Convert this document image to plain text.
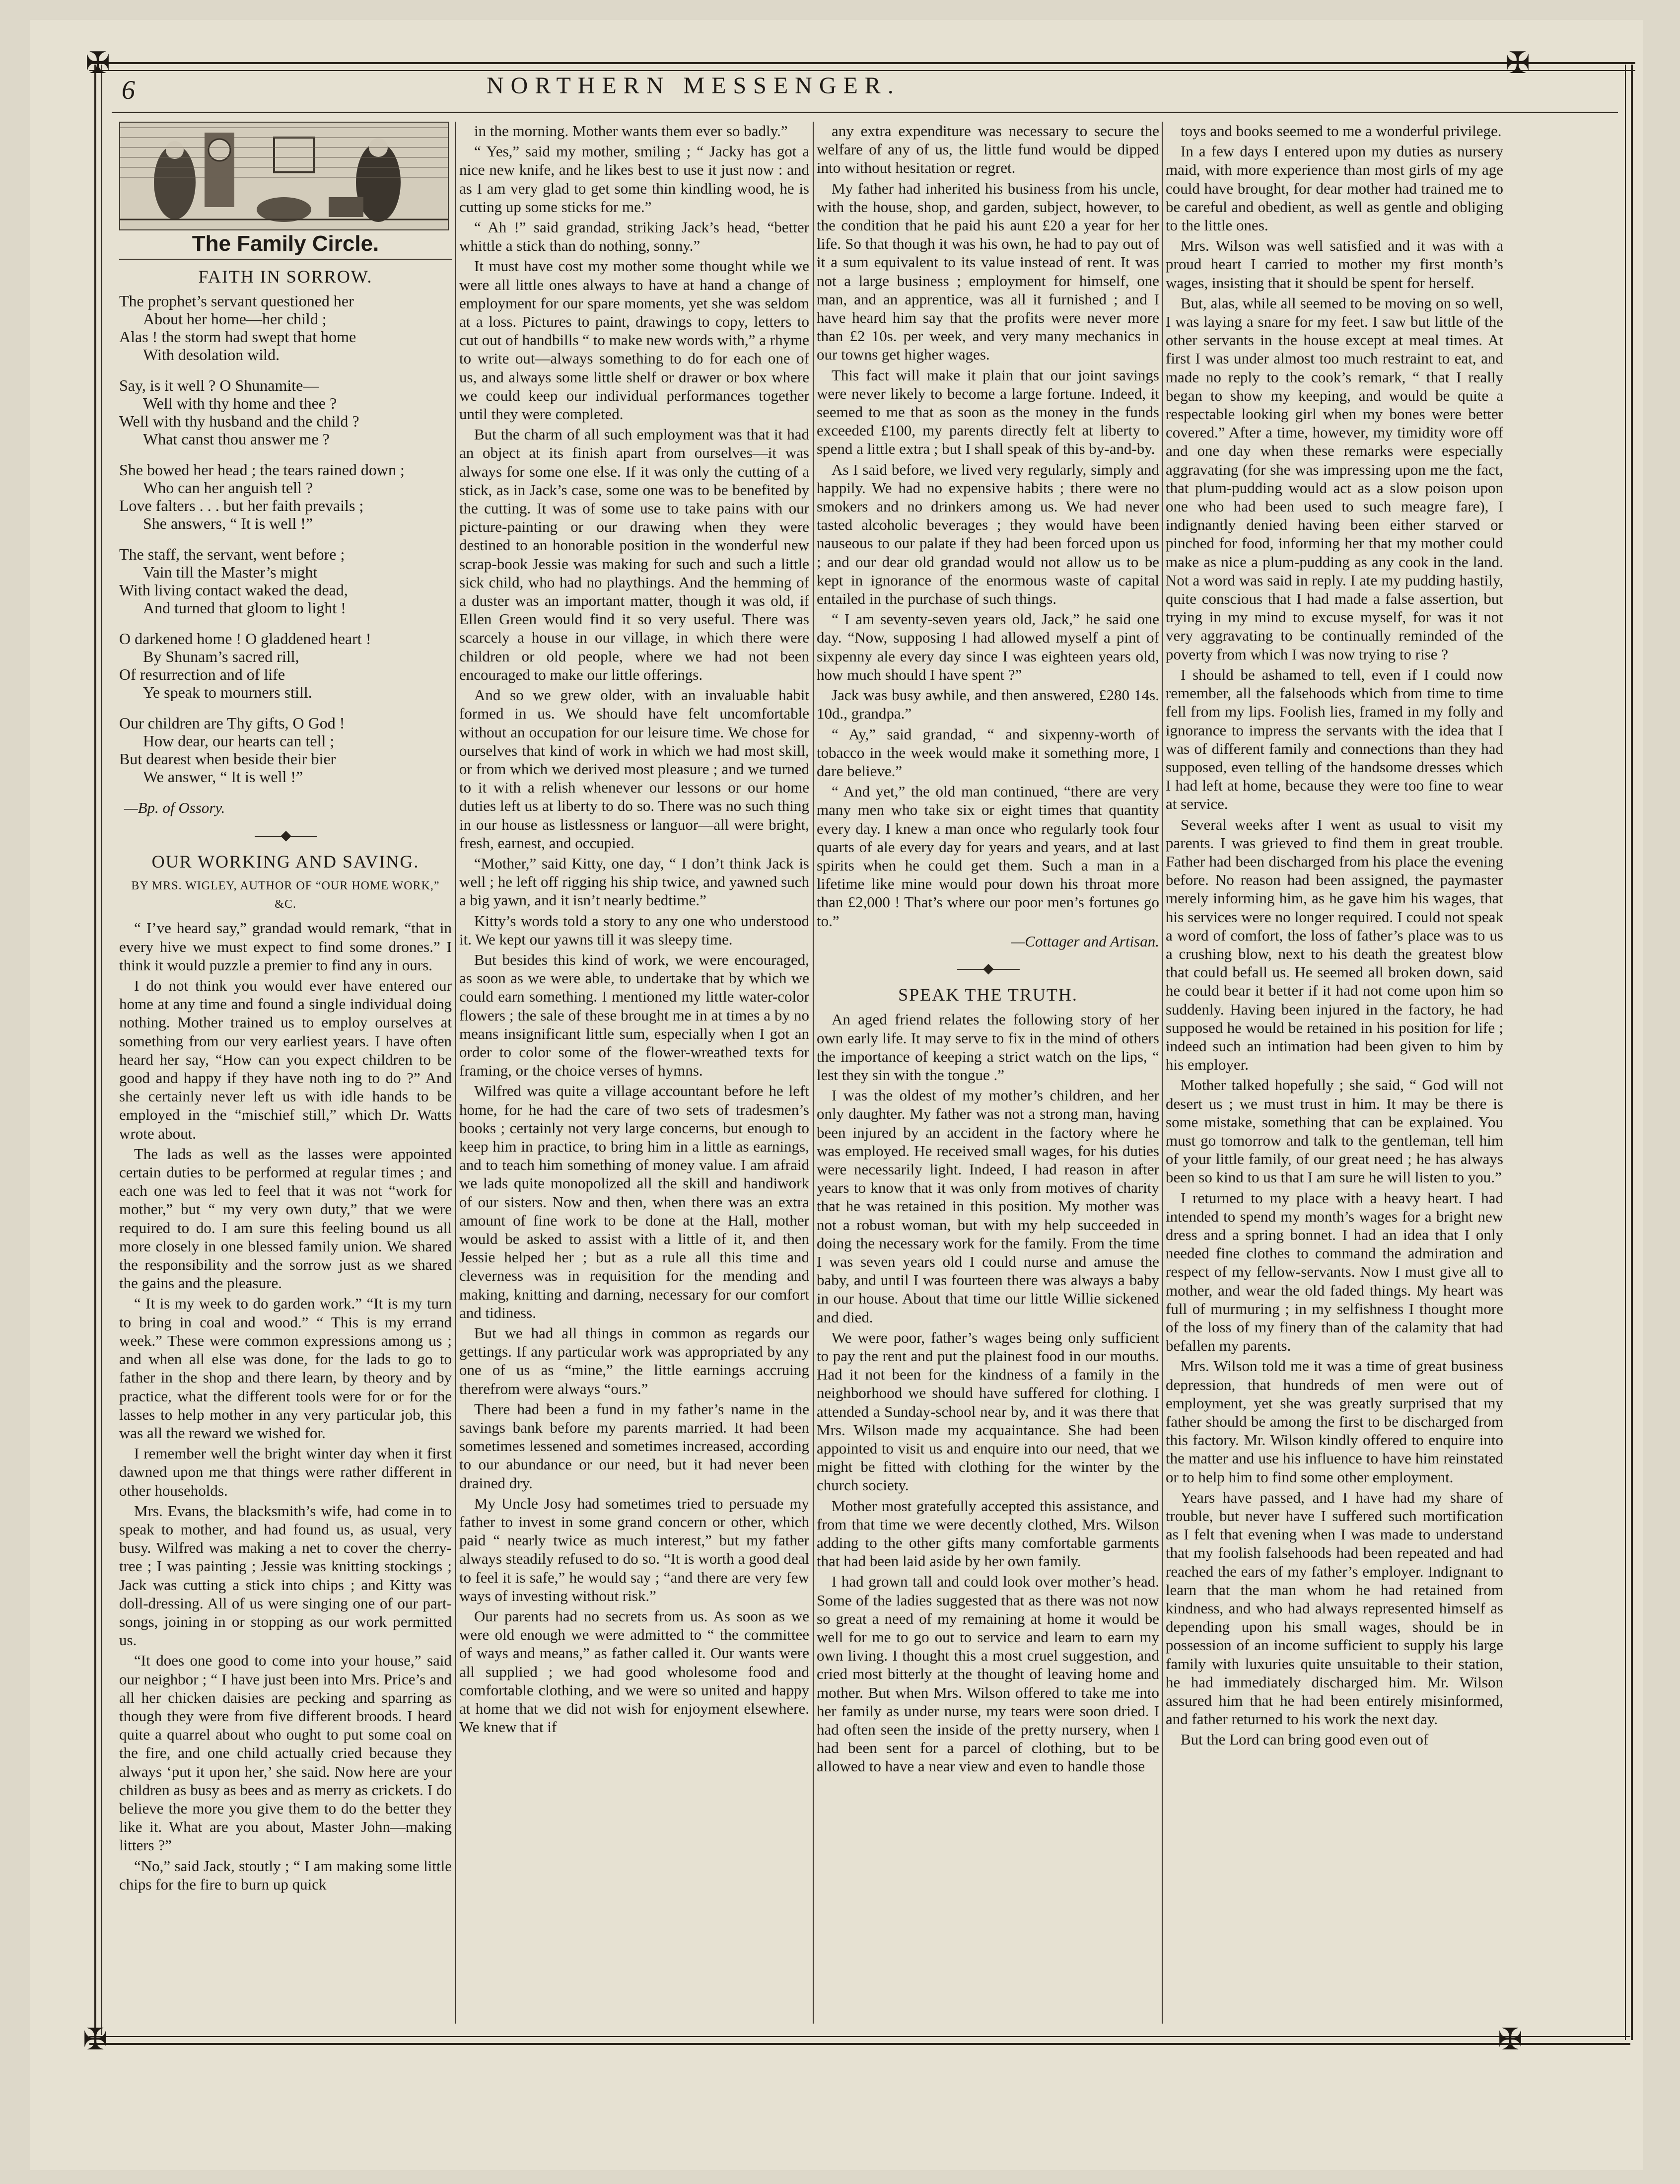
✠	✠
✠	✠
6	NORTHERN MESSENGER.
The Family Circle.
FAITH IN SORROW.
The prophet’s servant questioned her
About her home—her child ;
Alas ! the storm had swept that home
With desolation wild.
Say, is it well ? O Shunamite—
Well with thy home and thee ?
Well with thy husband and the child ?
What canst thou answer me ?
She bowed her head ; the tears rained down ;
Who can her anguish tell ?
Love falters . . . but her faith prevails ;
She answers, “ It is well !”
The staff, the servant, went before ;
Vain till the Master’s might
With living contact waked the dead,
And turned that gloom to light !
O darkened home ! O gladdened heart !
By Shunam’s sacred rill,
Of resurrection and of life
Ye speak to mourners still.
Our children are Thy gifts, O God !
How dear, our hearts can tell ;
But dearest when beside their bier
We answer, “ It is well !”
—Bp. of Ossory.
——◆——
OUR WORKING AND SAVING.
BY MRS. WIGLEY, AUTHOR OF “OUR HOME WORK,” &C.

“ I’ve heard say,” grandad would remark, “that in every hive we must expect to find some drones.” I think it would puzzle a premier to find any in ours.

I do not think you would ever have entered our home at any time and found a single individual doing nothing. Mother trained us to employ ourselves at something from our very earliest years. I have often heard her say, “How can you expect children to be good and happy if they have noth ing to do ?” And she certainly never left us with idle hands to be employed in the “mischief still,” which Dr. Watts wrote about.

The lads as well as the lasses were appointed certain duties to be performed at regular times ; and each one was led to feel that it was not “work for mother,” but “ my very own duty,” that we were required to do. I am sure this feeling bound us all more closely in one blessed family union. We shared the responsibility and the sorrow just as we shared the gains and the pleasure.

“ It is my week to do garden work.” “It is my turn to bring in coal and wood.” “ This is my errand week.” These were common expressions among us ; and when all else was done, for the lads to go to father in the shop and there learn, by theory and by practice, what the different tools were for or for the lasses to help mother in any very particular job, this was all the reward we wished for.

I remember well the bright winter day when it first dawned upon me that things were rather different in other households.

Mrs. Evans, the blacksmith’s wife, had come in to speak to mother, and had found us, as usual, very busy. Wilfred was making a net to cover the cherry-tree ; I was painting ; Jessie was knitting stockings ; Jack was cutting a stick into chips ; and Kitty was doll-dressing. All of us were singing one of our part-songs, joining in or stopping as our work permitted us.

“It does one good to come into your house,” said our neighbor ; “ I have just been into Mrs. Price’s and all her chicken daisies are pecking and sparring as though they were from five different broods. I heard quite a quarrel about who ought to put some coal on the fire, and one child actually cried because they always ‘put it upon her,’ she said. Now here are your children as busy as bees and as merry as crickets. I do believe the more you give them to do the better they like it. What are you about, Master John—making litters ?”

“No,” said Jack, stoutly ; “ I am making some little chips for the fire to burn up quick

in the morning. Mother wants them ever so badly.”

“ Yes,” said my mother, smiling ; “ Jacky has got a nice new knife, and he likes best to use it just now : and as I am very glad to get some thin kindling wood, he is cutting up some sticks for me.”

“ Ah !” said grandad, striking Jack’s head, “better whittle a stick than do nothing, sonny.”

It must have cost my mother some thought while we were all little ones always to have at hand a change of employment for our spare moments, yet she was seldom at a loss. Pictures to paint, drawings to copy, letters to cut out of handbills “ to make new words with,” a rhyme to write out—always something to do for each one of us, and always some little shelf or drawer or box where we could keep our individual performances together until they were completed.

But the charm of all such employment was that it had an object at its finish apart from ourselves—it was always for some one else. If it was only the cutting of a stick, as in Jack’s case, some one was to be benefited by the cutting. It was of some use to take pains with our picture-painting or our drawing when they were destined to an honorable position in the wonderful new scrap-book Jessie was making for such and such a little sick child, who had no playthings. And the hemming of a duster was an important matter, though it was old, if Ellen Green would find it so very useful. There was scarcely a house in our village, in which there were children or old people, where we had not been encouraged to make our little offerings.

And so we grew older, with an invaluable habit formed in us. We should have felt uncomfortable without an occupation for our leisure time. We chose for ourselves that kind of work in which we had most skill, or from which we derived most pleasure ; and we turned to it with a relish whenever our lessons or our home duties left us at liberty to do so. There was no such thing in our house as listlessness or languor—all were bright, fresh, earnest, and occupied.

“Mother,” said Kitty, one day, “ I don’t think Jack is well ; he left off rigging his ship twice, and yawned such a big yawn, and it isn’t nearly bedtime.”

Kitty’s words told a story to any one who understood it. We kept our yawns till it was sleepy time.

But besides this kind of work, we were encouraged, as soon as we were able, to undertake that by which we could earn something. I mentioned my little water-color flowers ; the sale of these brought me in at times a by no means insignificant little sum, especially when I got an order to color some of the flower-wreathed texts for framing, or the choice verses of hymns.

Wilfred was quite a village accountant before he left home, for he had the care of two sets of tradesmen’s books ; certainly not very large concerns, but enough to keep him in practice, to bring him in a little as earnings, and to teach him something of money value. I am afraid we lads quite monopolized all the skill and handiwork of our sisters. Now and then, when there was an extra amount of fine work to be done at the Hall, mother would be asked to assist with a little of it, and then Jessie helped her ; but as a rule all this time and cleverness was in requisition for the mending and making, knitting and darning, necessary for our comfort and tidiness.

But we had all things in common as regards our gettings. If any particular work was appropriated by any one of us as “mine,” the little earnings accruing therefrom were always “ours.”

There had been a fund in my father’s name in the savings bank before my parents married. It had been sometimes lessened and sometimes increased, according to our abundance or our need, but it had never been drained dry.

My Uncle Josy had sometimes tried to persuade my father to invest in some grand concern or other, which paid “ nearly twice as much interest,” but my father always steadily refused to do so. “It is worth a good deal to feel it is safe,” he would say ; “and there are very few ways of investing without risk.”

Our parents had no secrets from us. As soon as we were old enough we were admitted to “ the committee of ways and means,” as father called it. Our wants were all supplied ; we had good wholesome food and comfortable clothing, and we were so united and happy at home that we did not wish for enjoyment elsewhere. We knew that if

any extra expenditure was necessary to secure the welfare of any of us, the little fund would be dipped into without hesitation or regret.

My father had inherited his business from his uncle, with the house, shop, and garden, subject, however, to the condition that he paid his aunt £20 a year for her life. So that though it was his own, he had to pay out of it a sum equivalent to its value instead of rent. It was not a large business ; employment for himself, one man, and an apprentice, was all it furnished ; and I have heard him say that the profits were never more than £2 10s. per week, and very many mechanics in our towns get higher wages.

This fact will make it plain that our joint savings were never likely to become a large fortune. Indeed, it seemed to me that as soon as the money in the funds exceeded £100, my parents directly felt at liberty to spend a little extra ; but I shall speak of this by-and-by.

As I said before, we lived very regularly, simply and happily. We had no expensive habits ; there were no smokers and no drinkers among us. We had never tasted alcoholic beverages ; they would have been nauseous to our palate if they had been forced upon us ; and our dear old grandad would not allow us to be kept in ignorance of the enormous waste of capital entailed in the purchase of such things.

“ I am seventy-seven years old, Jack,” he said one day. “Now, supposing I had allowed myself a pint of sixpenny ale every day since I was eighteen years old, how much should I have spent ?”

Jack was busy awhile, and then answered, £280 14s. 10d., grandpa.”

“ Ay,” said grandad, “ and sixpenny-worth of tobacco in the week would make it something more, I dare believe.”

“ And yet,” the old man continued, “there are very many men who take six or eight times that quantity every day. I knew a man once who regularly took four quarts of ale every day for years and years, and at last spirits when he could get them. Such a man in a lifetime like mine would pour down his throat more than £2,000 ! That’s where our poor men’s fortunes go to.”

—Cottager and Artisan.
——◆——
SPEAK THE TRUTH.

An aged friend relates the following story of her own early life. It may serve to fix in the mind of others the importance of keeping a strict watch on the lips, “ lest they sin with the tongue .”

I was the oldest of my mother’s children, and her only daughter. My father was not a strong man, having been injured by an accident in the factory where he was employed. He received small wages, for his duties were necessarily light. Indeed, I had reason in after years to know that it was only from motives of charity that he was retained in this position. My mother was not a robust woman, but with my help succeeded in doing the necessary work for the family. From the time I was seven years old I could nurse and amuse the baby, and until I was fourteen there was always a baby in our house. About that time our little Willie sickened and died.

We were poor, father’s wages being only sufficient to pay the rent and put the plainest food in our mouths. Had it not been for the kindness of a family in the neighborhood we should have suffered for clothing. I attended a Sunday-school near by, and it was there that Mrs. Wilson made my acquaintance. She had been appointed to visit us and enquire into our need, that we might be fitted with clothing for the winter by the church society.

Mother most gratefully accepted this assistance, and from that time we were decently clothed, Mrs. Wilson adding to the other gifts many comfortable garments that had been laid aside by her own family.

I had grown tall and could look over mother’s head. Some of the ladies suggested that as there was not now so great a need of my remaining at home it would be well for me to go out to service and learn to earn my own living. I thought this a most cruel suggestion, and cried most bitterly at the thought of leaving home and mother. But when Mrs. Wilson offered to take me into her family as under nurse, my tears were soon dried. I had often seen the inside of the pretty nursery, when I had been sent for a parcel of clothing, but to be allowed to have a near view and even to handle those

toys and books seemed to me a wonderful privilege.

In a few days I entered upon my duties as nursery maid, with more experience than most girls of my age could have brought, for dear mother had trained me to be careful and obedient, as well as gentle and obliging to the little ones.

Mrs. Wilson was well satisfied and it was with a proud heart I carried to mother my first month’s wages, insisting that it should be spent for herself.

But, alas, while all seemed to be moving on so well, I was laying a snare for my feet. I saw but little of the other servants in the house except at meal times. At first I was under almost too much restraint to eat, and made no reply to the cook’s remark, “ that I really began to show my keeping, and would be quite a respectable looking girl when my bones were better covered.” After a time, however, my timidity wore off and one day when these remarks were especially aggravating (for she was impressing upon me the fact, that plum-pudding would act as a slow poison upon one who had been used to such meagre fare), I indignantly denied having been either starved or pinched for food, informing her that my mother could make as nice a plum-pudding as any cook in the land. Not a word was said in reply. I ate my pudding hastily, quite conscious that I had made a false assertion, but trying in my mind to excuse myself, for was it not very aggravating to be continually reminded of the poverty from which I was now trying to rise ?

I should be ashamed to tell, even if I could now remember, all the falsehoods which from time to time fell from my lips. Foolish lies, framed in my folly and ignorance to impress the servants with the idea that I was of different family and connections than they had supposed, even telling of the handsome dresses which I had left at home, because they were too fine to wear at service.

Several weeks after I went as usual to visit my parents. I was grieved to find them in great trouble. Father had been discharged from his place the evening before. No reason had been assigned, the paymaster merely informing him, as he gave him his wages, that his services were no longer required. I could not speak a word of comfort, the loss of father’s place was to us a crushing blow, next to his death the greatest blow that could befall us. He seemed all broken down, said he could bear it better if it had not come upon him so suddenly. Having been injured in the factory, he had supposed he would be retained in his position for life ; indeed such an intimation had been given to him by his employer.

Mother talked hopefully ; she said, “ God will not desert us ; we must trust in him. It may be there is some mistake, something that can be explained. You must go tomorrow and talk to the gentleman, tell him of your little family, of our great need ; he has always been so kind to us that I am sure he will listen to you.”

I returned to my place with a heavy heart. I had intended to spend my month’s wages for a bright new dress and a spring bonnet. I had an idea that I only needed fine clothes to command the admiration and respect of my fellow-servants. Now I must give all to mother, and wear the old faded things. My heart was full of murmuring ; in my selfishness I thought more of the loss of my finery than of the calamity that had befallen my parents.

Mrs. Wilson told me it was a time of great business depression, that hundreds of men were out of employment, yet she was greatly surprised that my father should be among the first to be discharged from this factory. Mr. Wilson kindly offered to enquire into the matter and use his influence to have him reinstated or to help him to find some other employment.

Years have passed, and I have had my share of trouble, but never have I suffered such mortification as I felt that evening when I was made to understand that my foolish falsehoods had been repeated and had reached the ears of my father’s employer. Indignant to learn that the man whom he had retained from kindness, and who had always represented himself as depending upon his small wages, should be in possession of an income sufficient to supply his large family with luxuries quite unsuitable to their station, he had immediately discharged him. Mr. Wilson assured him that he had been entirely misinformed, and father returned to his work the next day.

But the Lord can bring good even out of
